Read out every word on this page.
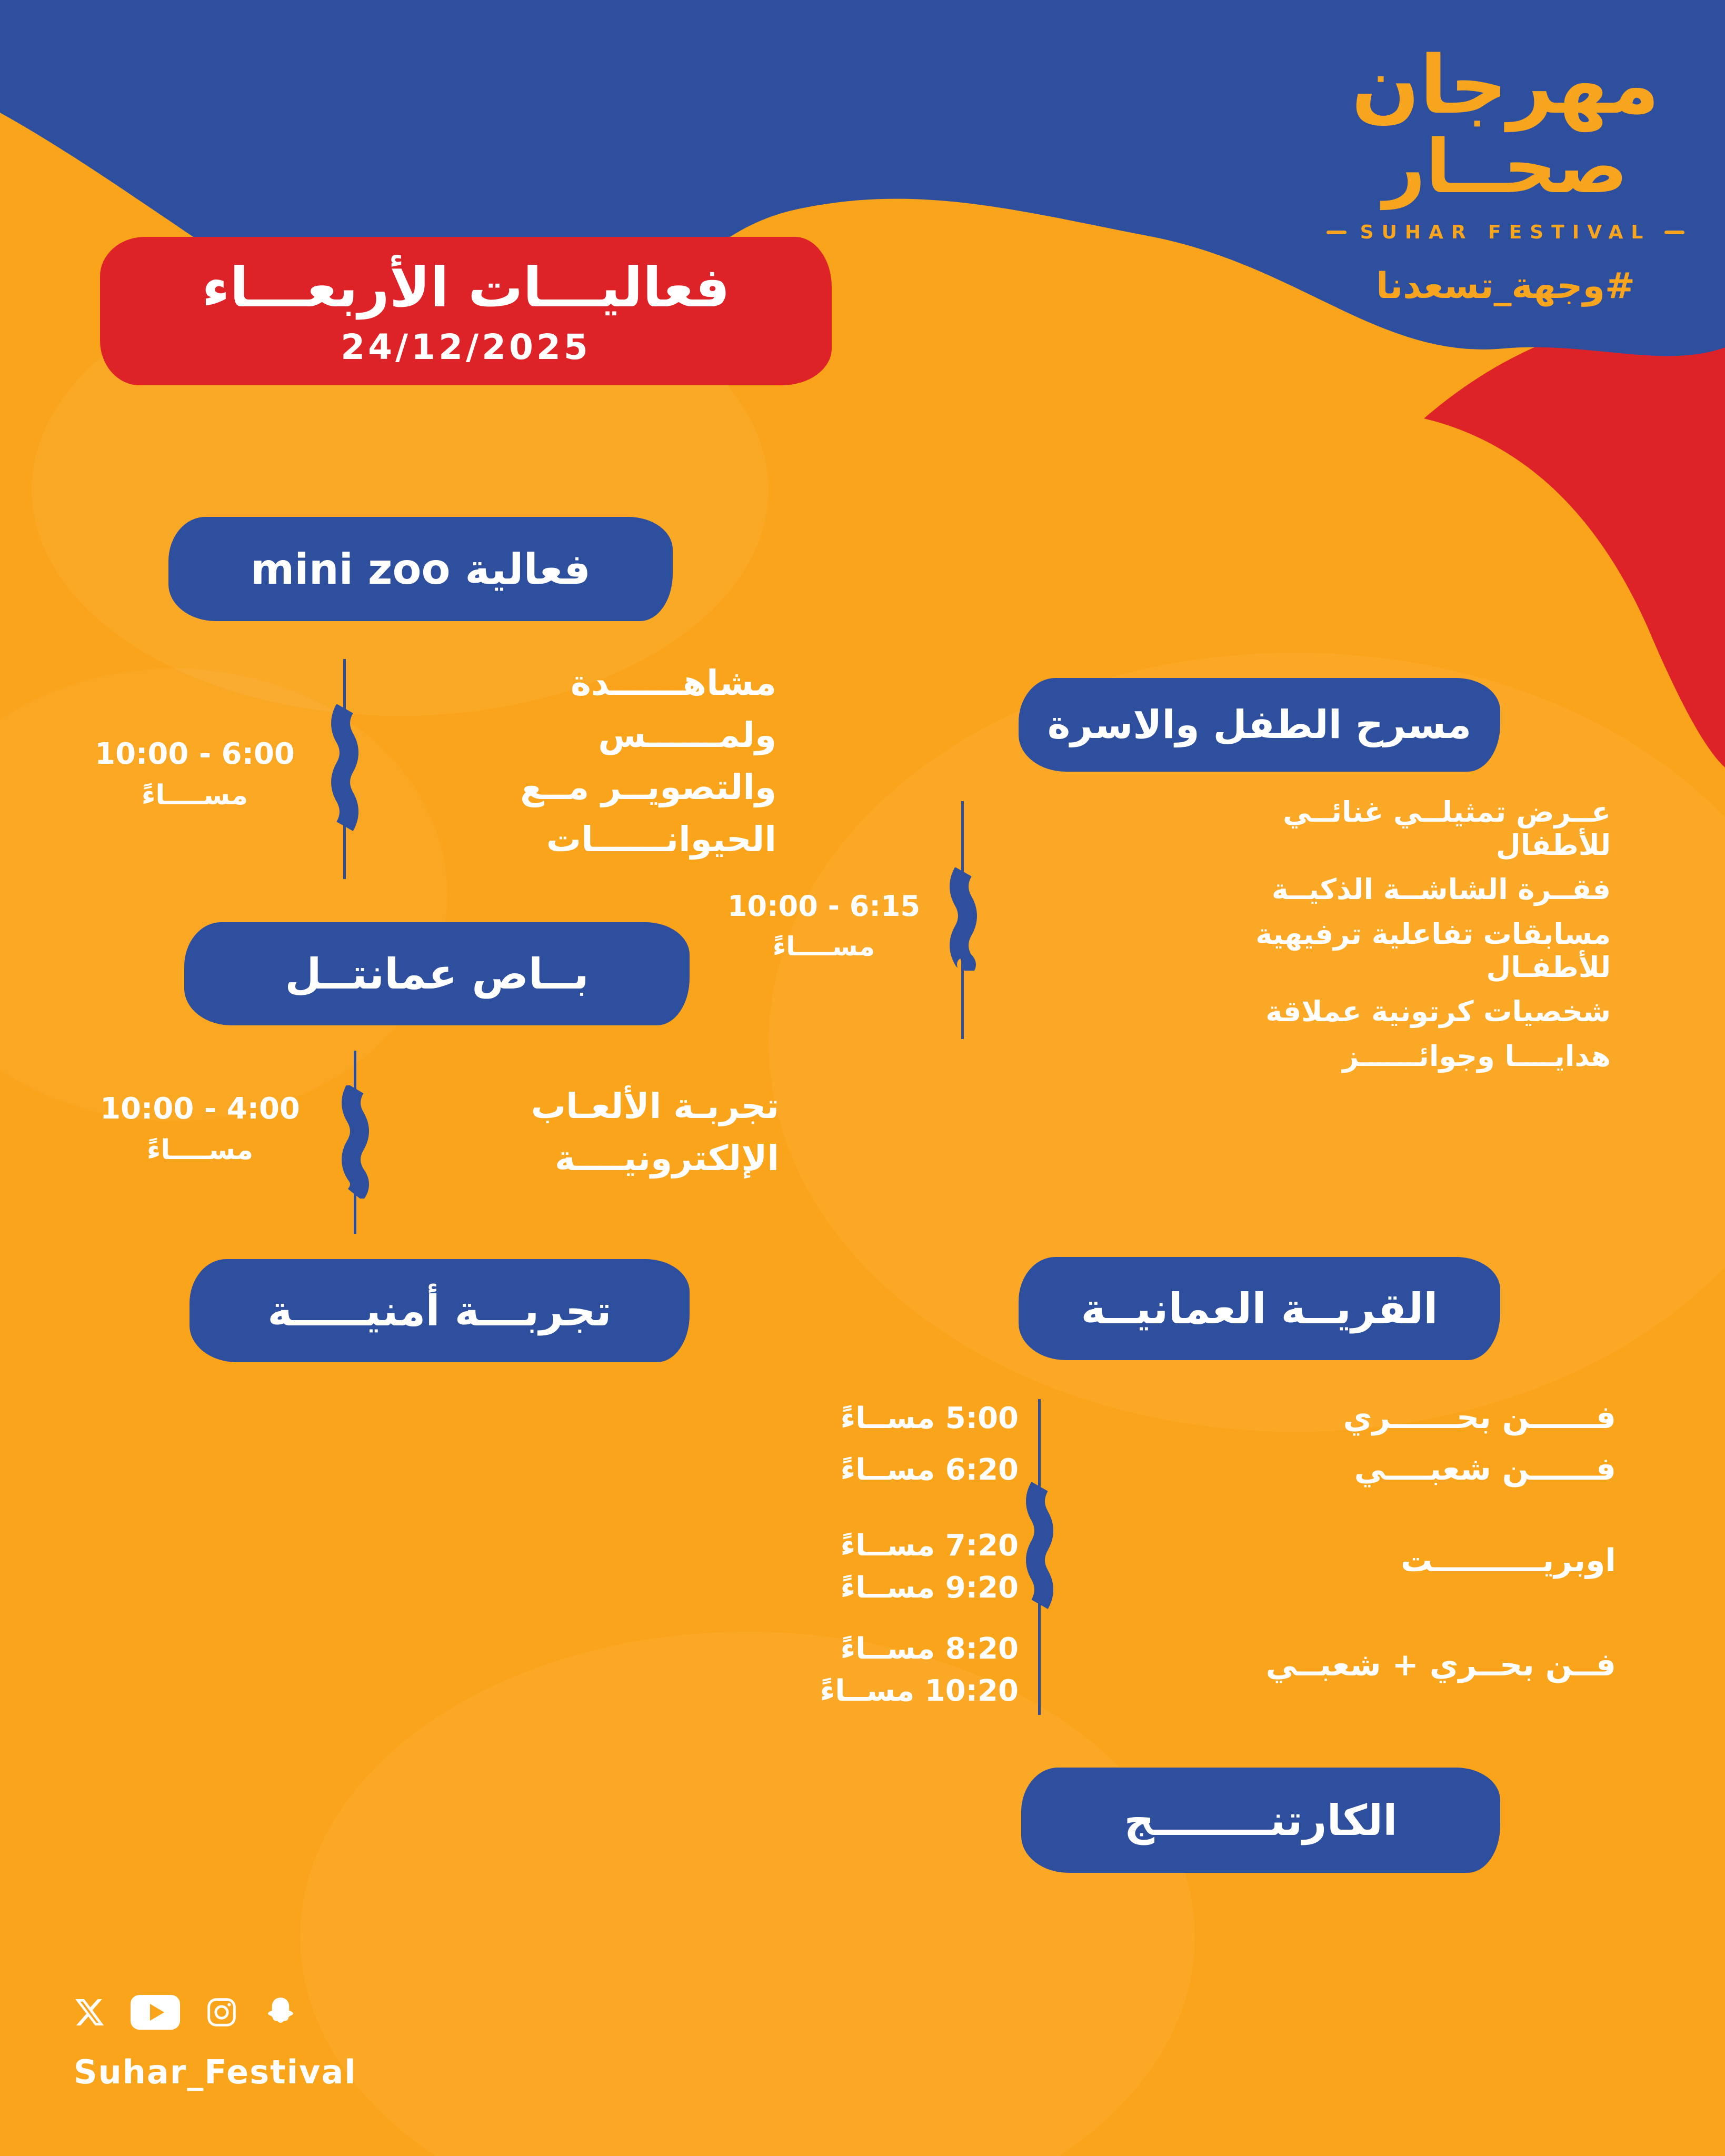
مهرجان
صحــار
SUHAR FESTIVAL
#وجهة_تسعدنا
فعاليـــات الأربعـــاء
24/12/2025
فعالية mini zoo
مشاهــــــدة
ولمــــــس
والتصويــر مــع
الحيوانــــــات
10:00 - 6:00
مســــاءً
بــاص عمانتــل
تجربـة الألعـاب
الإلكترونيــــة
10:00 - 4:00
مســــاءً
تجربـــة أمنيـــــة
مسرح الطفل والاسرة
عــرض تمثيلــي غنائــي
للأطفال
فقــرة الشاشــة الذكيــة
مسابقات تفاعلية ترفيهية
للأطفـال
شخصيات كرتونية عملاقة
هدايــــا وجوائــــــز
10:00 - 6:15
مســــاءً
القريــة العمانيــة
فــــــن بحــــــري
فــــــن شعبــــي
اوبريــــــــــت
فــن بحــري + شعبــي
5:00 مســاءً
6:20 مســاءً
7:20 مســاءً
9:20 مســاءً
8:20 مســاءً
10:20 مســاءً
الكارتنــــــــج
Suhar_Festival
